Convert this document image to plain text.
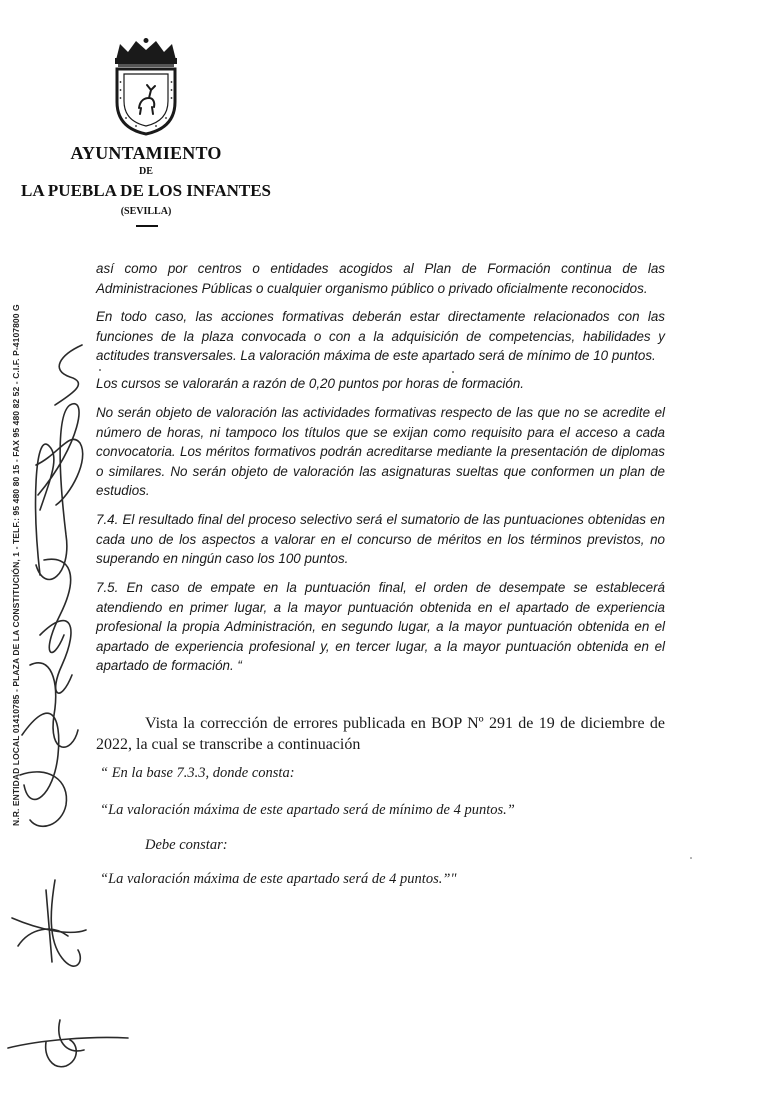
AYUNTAMIENTO
DE
LA PUEBLA DE LOS INFANTES
(SEVILLA)
N.R. ENTIDAD LOCAL 01410785 - PLAZA DE LA CONSTITUCIÓN, 1 - TELF.: 95 480 80 15 - FAX 95 480 82 52 - C.I.F. P-4107800 G

así como por centros o entidades acogidos al Plan de Formación continua de las Administraciones Públicas o cualquier organismo público o privado oficialmente reconocidos.

En todo caso, las acciones formativas deberán estar directamente relacionados con las funciones de la plaza convocada o con a la adquisición de competencias, habilidades y actitudes transversales. La valoración máxima de este apartado será de mínimo de 10 puntos.

Los cursos se valorarán a razón de 0,20 puntos por horas de formación.

No serán objeto de valoración las actividades formativas respecto de las que no se acredite el número de horas, ni tampoco los títulos que se exijan como requisito para el acceso a cada convocatoria. Los méritos formativos podrán acreditarse mediante la presentación de diplomas o similares. No serán objeto de valoración las asignaturas sueltas que conformen un plan de estudios.

7.4. El resultado final del proceso selectivo será el sumatorio de las puntuaciones obtenidas en cada uno de los aspectos a valorar en el concurso de méritos en los términos previstos, no superando en ningún caso los 100 puntos.

7.5. En caso de empate en la puntuación final, el orden de desempate se establecerá atendiendo en primer lugar, a la mayor puntuación obtenida en el apartado de experiencia profesional la propia Administración, en segundo lugar, a la mayor puntuación obtenida en el apartado de experiencia profesional y, en tercer lugar, a la mayor puntuación obtenida en el apartado de formación. “

Vista la corrección de errores publicada en BOP Nº 291 de 19 de diciembre de 2022, la cual se transcribe a continuación

“ En la base 7.3.3, donde consta:

“La valoración máxima de este apartado será de mínimo de 4 puntos.”

Debe constar:

“La valoración máxima de este apartado será de 4 puntos.”"
